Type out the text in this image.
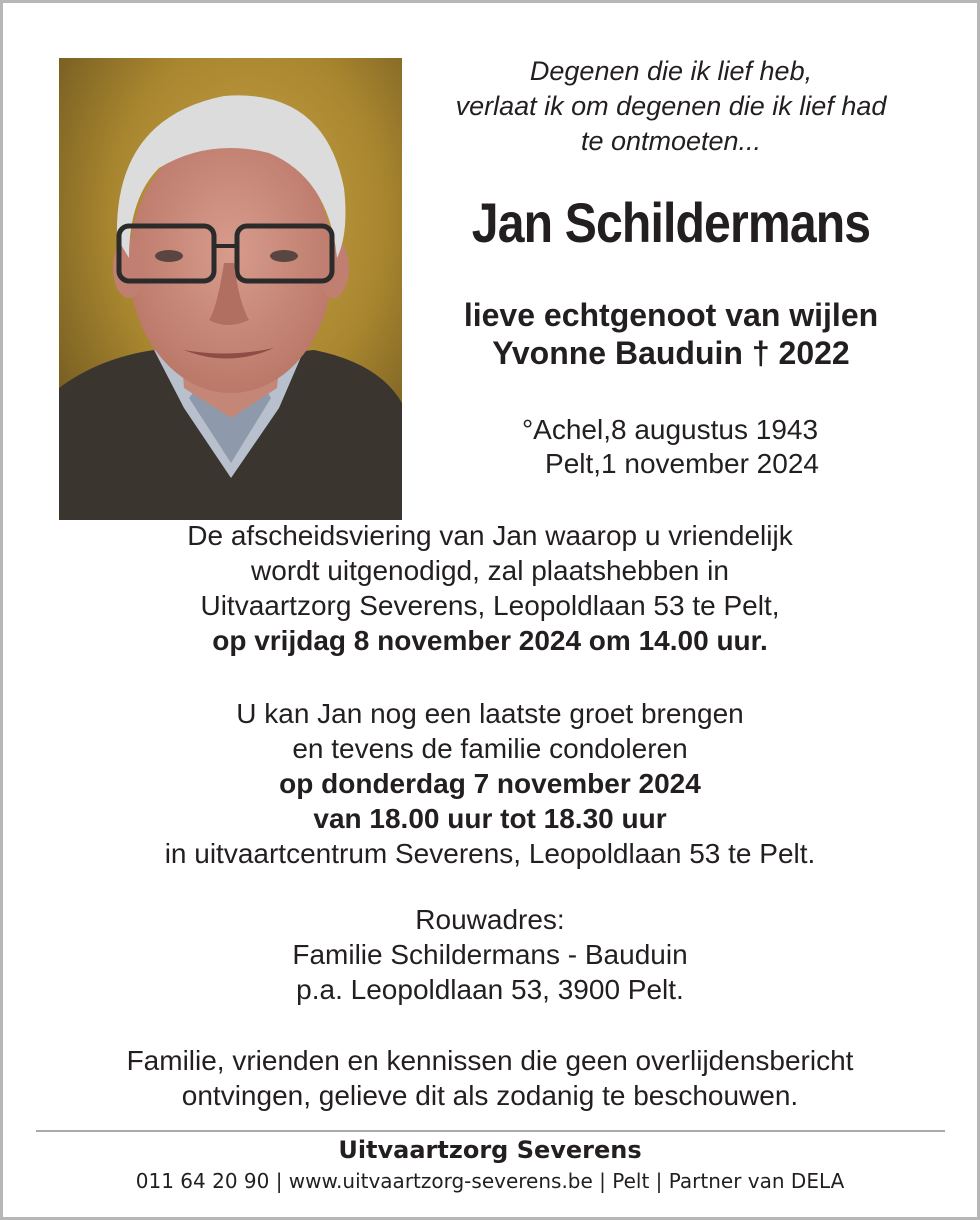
Degenen die ik lief heb,
verlaat ik om degenen die ik lief had
te ontmoeten...
Jan Schildermans
lieve echtgenoot van wijlen
Yvonne Bauduin † 2022
°Achel,8 augustus 1943
Pelt,1 november 2024
De afscheidsviering van Jan waarop u vriendelijk
wordt uitgenodigd, zal plaatshebben in
Uitvaartzorg Severens, Leopoldlaan 53 te Pelt,
op vrijdag 8 november 2024 om 14.00 uur.
U kan Jan nog een laatste groet brengen
en tevens de familie condoleren
op donderdag 7 november 2024
van 18.00 uur tot 18.30 uur
in uitvaartcentrum Severens, Leopoldlaan 53 te Pelt.
Rouwadres:
Familie Schildermans - Bauduin
p.a. Leopoldlaan 53, 3900 Pelt.
Familie, vrienden en kennissen die geen overlijdensbericht
ontvingen, gelieve dit als zodanig te beschouwen.
Uitvaartzorg Severens
011 64 20 90 | www.uitvaartzorg-severens.be | Pelt | Partner van DELA
